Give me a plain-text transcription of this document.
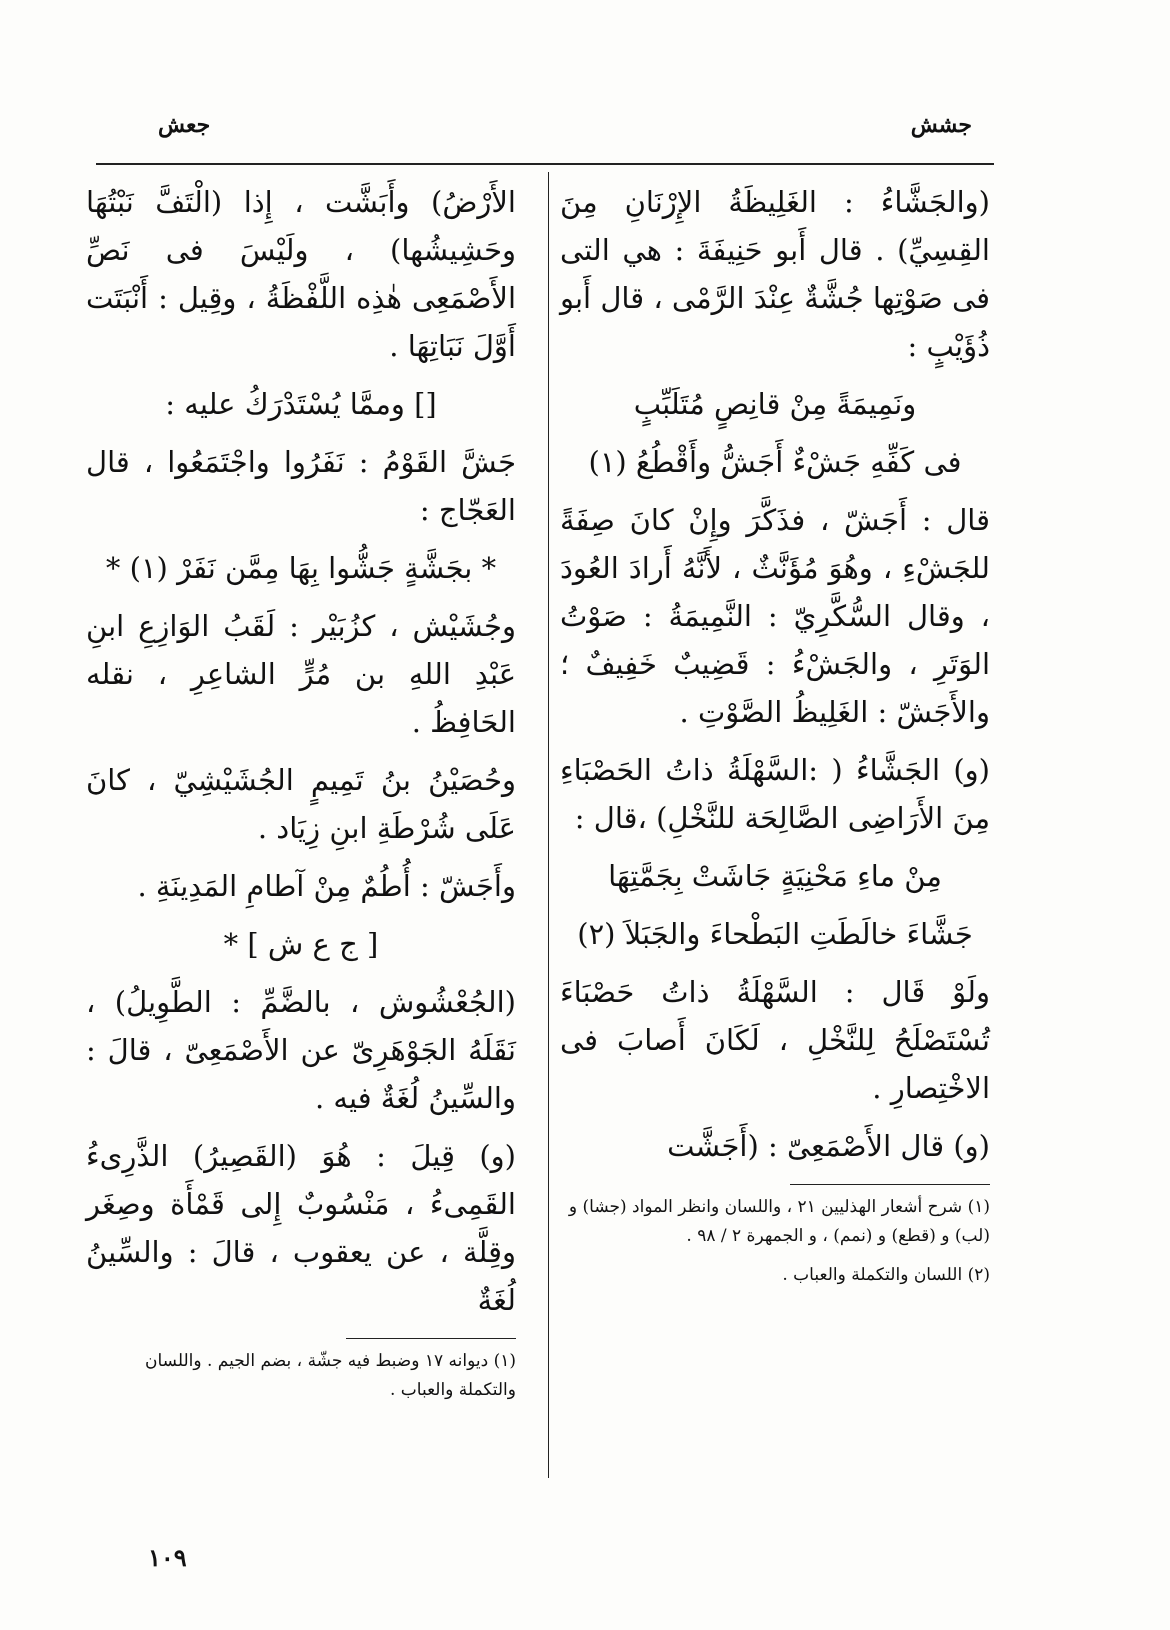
جشش
جعش

(والجَشَّاءُ : الغَلِيظَةُ الإِرْنَانِ مِنَ القِسِيِّ) . قال أَبو حَنِيفَةَ : هي التى فى صَوْتِها جُشَّةٌ عِنْدَ الرَّمْى ، قال أَبو ذُؤَيْبٍ :

ونَمِيمَةً مِنْ قانِصٍ مُتَلَبِّبٍ

فى كَفِّهِ جَشْءٌ أَجَشُّ وأَقْطُعُ (١)

قال : أَجَشّ ، فذَكَّرَ وإِنْ كانَ صِفَةً للجَشْءِ ، وهُوَ مُؤَنَّثٌ ، لأَنَّهُ أَرادَ العُودَ ، وقال السُّكَّرِيّ : النَّمِيمَةُ : صَوْتُ الوَتَرِ ، والجَشْءُ : قَضِيبٌ خَفِيفٌ ؛ والأَجَشّ : الغَلِيظُ الصَّوْتِ .

(و) الجَشَّاءُ ( :السَّهْلَةُ ذاتُ الحَصْبَاءِ مِنَ الأَرَاضِى الصَّالِحَة للنَّخْلِ) ،قال :

مِنْ ماءِ مَحْنِيَةٍ جَاشَتْ بِجَمَّتِهَا

جَشَّاءَ خالَطَتِ البَطْحاءَ والجَبَلاَ (٢)

ولَوْ قَال : السَّهْلَةُ ذاتُ حَصْبَاءَ تُسْتَصْلَحُ لِلنَّخْلِ ، لَكَانَ أَصابَ فى الاخْتِصارِ .

(و) قال الأَصْمَعِىّ : (أَجَشَّت

(١) شرح أشعار الهذليين ٢١ ، واللسان وانظر المواد (جشا) و (لب) و (قطع) و (نمم) ، و الجمهرة ٢ / ٩٨ .

(٢) اللسان والتكملة والعباب .

الأَرْضُ) وأَبَشَّت ، إِذا (الْتَفَّ نَبْتُهَا وحَشِيشُها) ، ولَيْسَ فى نَصِّ الأَصْمَعِى هٰذِه اللَّفْظَةُ ، وقِيل : أَنْبَتَت أَوَّلَ نَبَاتِهَا .

[] وممَّا يُسْتَدْرَكُ عليه :

جَشَّ القَوْمُ : نَفَرُوا واجْتَمَعُوا ، قال العَجّاج :

* بجَشَّةٍ جَشُّوا بِهَا مِمَّن نَفَرْ (١) *

وجُشَيْش ، كزُبَيْر : لَقَبُ الوَازِعِ ابنِ عَبْدِ اللهِ بن مُرٍّ الشاعِرِ ، نقله الحَافِظُ .

وحُصَيْنُ بنُ تَمِيمٍ الجُشَيْشِيّ ، كانَ عَلَى شُرْطَةِ ابنِ زِيَاد .

وأَجَشّ : أُطُمٌ مِنْ آطامِ المَدِينَةِ .

[ ج ع ش ] *

(الجُعْشُوش ، بالضَّمِّ : الطَّوِيلُ) ، نَقَلَهُ الجَوْهَرِىّ عن الأَصْمَعِىّ ، قالَ : والسِّينُ لُغَةٌ فيه .

(و) قِيلَ : هُوَ (القَصِيرُ) الذَّرِىءُ القَمِىءُ ، مَنْسُوبٌ إِلى قَمْأَة وصِغَر وقِلَّة ، عن يعقوب ، قالَ : والسِّينُ لُغَةٌ

(١) ديوانه ١٧ وضبط فيه جشّة ، بضم الجيم . واللسان والتكملة والعباب .

١٠٩
